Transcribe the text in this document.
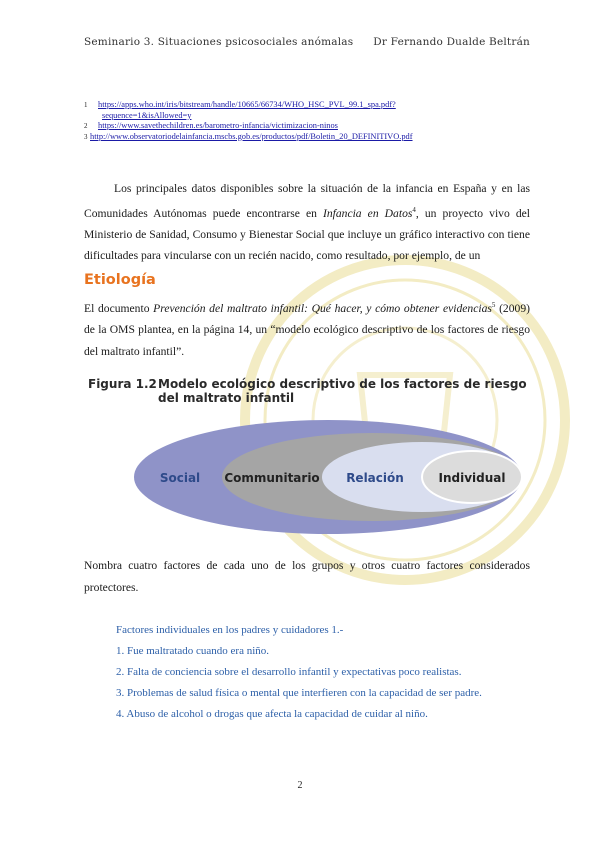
Seminario 3. Situaciones psicosociales anómalas Dr Fernando Dualde Beltrán
1	https://apps.who.int/iris/bitstream/handle/10665/66734/WHO_HSC_PVL_99.1_spa.pdf?
sequence=1&isAllowed=y
2	https://www.savethechildren.es/barometro-infancia/victimizacion-ninos
3 http://www.observatoriodelainfancia.mscbs.gob.es/productos/pdf/Boletin_20_DEFINITIVO.pdf
Los principales datos disponibles sobre la situación de la infancia en España y en las Comunidades Autónomas puede encontrarse en Infancia en Datos$^4$, un proyecto vivo del Ministerio de Sanidad, Consumo y Bienestar Social que incluye un gráfico interactivo con tiene dificultades para vincularse con un recién nacido, como resultado, por ejemplo, de un
Etiología
El documento Prevención del maltrato infantil: Qué hacer, y cómo obtener evidencias$^5$ (2009) de la OMS plantea, en la página 14, un “modelo ecológico descriptivo de los factores de riesgo del maltrato infantil”.
Figura 1.2Modelo ecológico descriptivo de los factores de riesgo
del maltrato infantil
Social Communitario Relación	Individual
Nombra cuatro factores de cada uno de los grupos y otros cuatro factores considerados protectores.
Factores individuales en los padres y cuidadores 1.-
1. Fue maltratado cuando era niño.
2. Falta de conciencia sobre el desarrollo infantil y expectativas poco realistas.
3. Problemas de salud física o mental que interfieren con la capacidad de ser padre.
4. Abuso de alcohol o drogas que afecta la capacidad de cuidar al niño.
2
